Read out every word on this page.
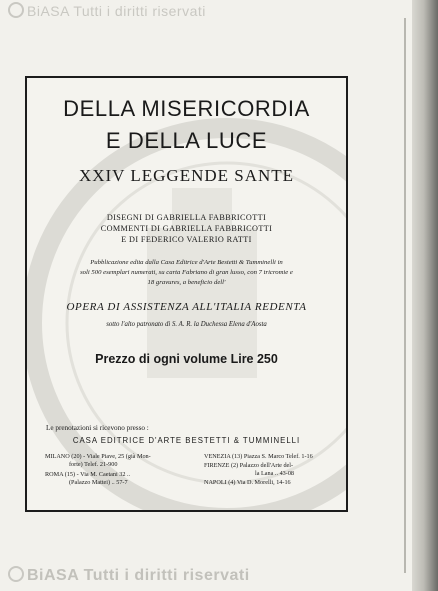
BiASA Tutti i diritti riservati
DELLA MISERICORDIA
E DELLA LUCE
XXIV LEGGENDE SANTE
DISEGNI DI GABRIELLA FABBRICOTTI
COMMENTI DI GABRIELLA FABBRICOTTI
E DI FEDERICO VALERIO RATTI
Pubblicazione edita dalla Casa Editrice d'Arte Bestetti & Tumminelli in
soli 500 esemplari numerati, su carta Fabriano di gran lusso, con 7 tricromie e
18 gravures, a beneficio dell'
OPERA DI ASSISTENZA ALL'ITALIA REDENTA
sotto l'alto patronato di S. A. R. la Duchessa Elena d'Aosta
Prezzo di ogni volume Lire 250
Le prenotazioni si ricevono presso :
CASA EDITRICE D'ARTE BESTETTI & TUMMINELLI
MILANO (20) - Viale Piave, 25 (già Mon-
forte) Telef. 21-900
ROMA (15) - Via M. Caetani 32 ..
(Palazzo Mattei) .. 57-7
VENEZIA (13) Piazza S. Marco Telef. 1-16
FIRENZE (2) Palazzo dell'Arte del-
la Lana .. 43-08
NAPOLI (4) Via D. Morelli, 14-16
BiASA Tutti i diritti riservati
